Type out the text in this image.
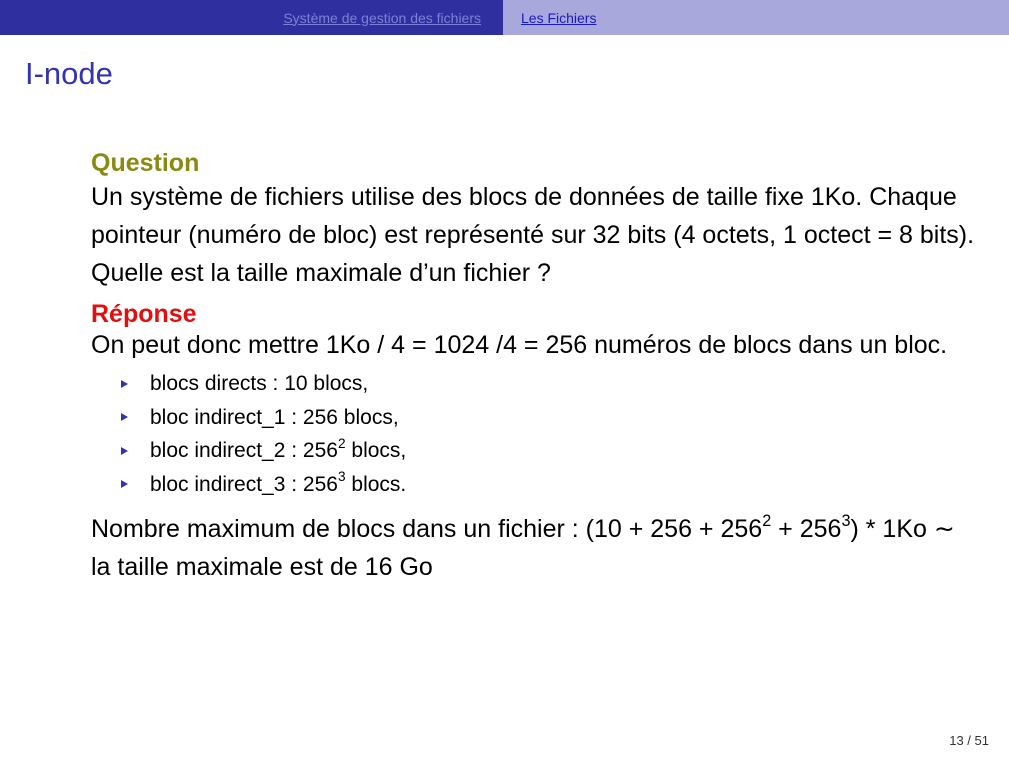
Système de gestion des fichiers	Les Fichiers
I-node
Question

Un système de fichiers utilise des blocs de données de taille fixe 1Ko. Chaque pointeur (numéro de bloc) est représenté sur 32 bits (4 octets, 1 octect = 8 bits). Quelle est la taille maximale d’un fichier ?

Réponse

On peut donc mettre 1Ko / 4 = 1024 /4 = 256 numéros de blocs dans un bloc.

blocs directs : 10 blocs,
bloc indirect_1 : 256 blocs,
bloc indirect_2 : $256^2$ blocs,
bloc indirect_3 : $256^3$ blocs.

Nombre maximum de blocs dans un fichier : $(10 + 256 + 256^2 + 256^3) * 1Ko$ ∼ la taille maximale est de 16 Go

13 / 51
